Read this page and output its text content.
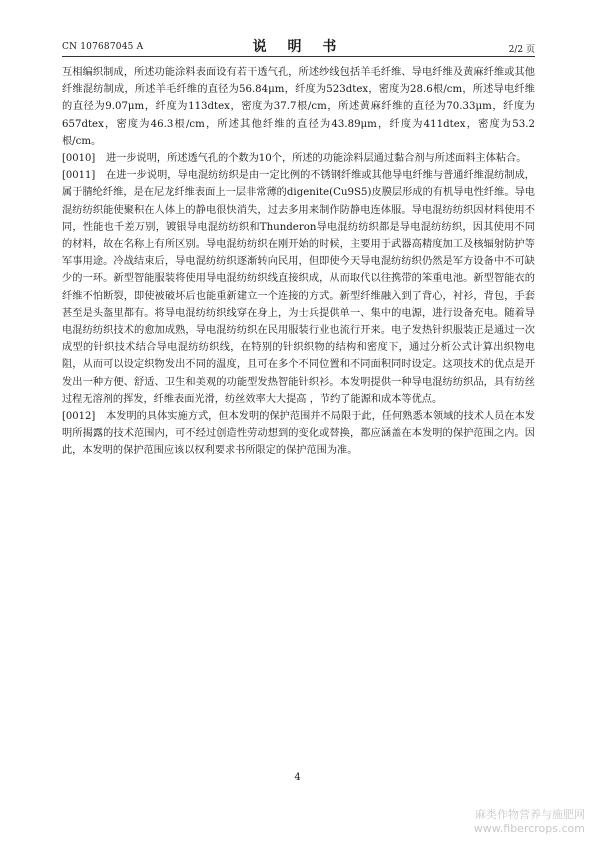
CN 107687045 A	说 明 书	2/2 页

互相编织制成，所述功能涂料表面设有若干透气孔，所述纱线包括羊毛纤维、导电纤维及黄麻纤维或其他纤维混纺制成，所述羊毛纤维的直径为56.84μm，纤度为523dtex，密度为28.6根/cm，所述导电纤维的直径为9.07μm，纤度为113dtex，密度为37.7根/cm，所述黄麻纤维的直径为70.33μm，纤度为657dtex，密度为46.3根/cm，所述其他纤维的直径为43.89μm，纤度为411dtex，密度为53.2根/cm。

[0010] 进一步说明，所述透气孔的个数为10个，所述的功能涂料层通过黏合剂与所述面料主体粘合。

[0011] 在进一步说明，导电混纺纺织是由一定比例的不锈钢纤维或其他导电纤维与普通纤维混纺制成，属于腈纶纤维，是在尼龙纤维表面上一层非常薄的digenite(Cu9S5)皮膜层形成的有机导电性纤维。导电混纺纺织能使聚积在人体上的静电很快消失，过去多用来制作防静电连体服。导电混纺纺织因材料使用不同，性能也千差万别，镀银导电混纺纺织和Thunderon导电混纺纺织都是导电混纺纺织，因其使用不同的材料，故在名称上有所区别。导电混纺纺织在刚开始的时候，主要用于武器高精度加工及核辐射防护等军事用途。冷战结束后，导电混纺纺织逐渐转向民用，但即使今天导电混纺纺织仍然是军方设备中不可缺少的一环。新型智能服装将使用导电混纺纺织线直接织成，从而取代以往携带的笨重电池。新型智能衣的纤维不怕断裂，即使被破坏后也能重新建立一个连接的方式。新型纤维融入到了背心，衬衫，背包，手套甚至是头盔里都有。将导电混纺纺织线穿在身上，为士兵提供单一、集中的电源，进行设备充电。随着导电混纺纺织技术的愈加成熟，导电混纺纺织在民用服装行业也流行开来。电子发热针织服装正是通过一次成型的针织技术结合导电混纺纺织线，在特别的针织织物的结构和密度下，通过分析公式计算出织物电阻，从而可以设定织物发出不同的温度，且可在多个不同位置和不同面积同时设定。这项技术的优点是开发出一种方便、舒适、卫生和美观的功能型发热智能针织衫。本发明提供一种导电混纺纺织品，具有纺丝过程无溶剂的挥发，纤维表面光滑，纺丝效率大大提高 ，节约了能源和成本等优点。

[0012] 本发明的具体实施方式，但本发明的保护范围并不局限于此，任何熟悉本领域的技术人员在本发明所揭露的技术范围内，可不经过创造性劳动想到的变化或替换，都应涵盖在本发明的保护范围之内。因此，本发明的保护范围应该以权利要求书所限定的保护范围为准。

4
麻类作物营养与施肥网
www.fibercrops.com
